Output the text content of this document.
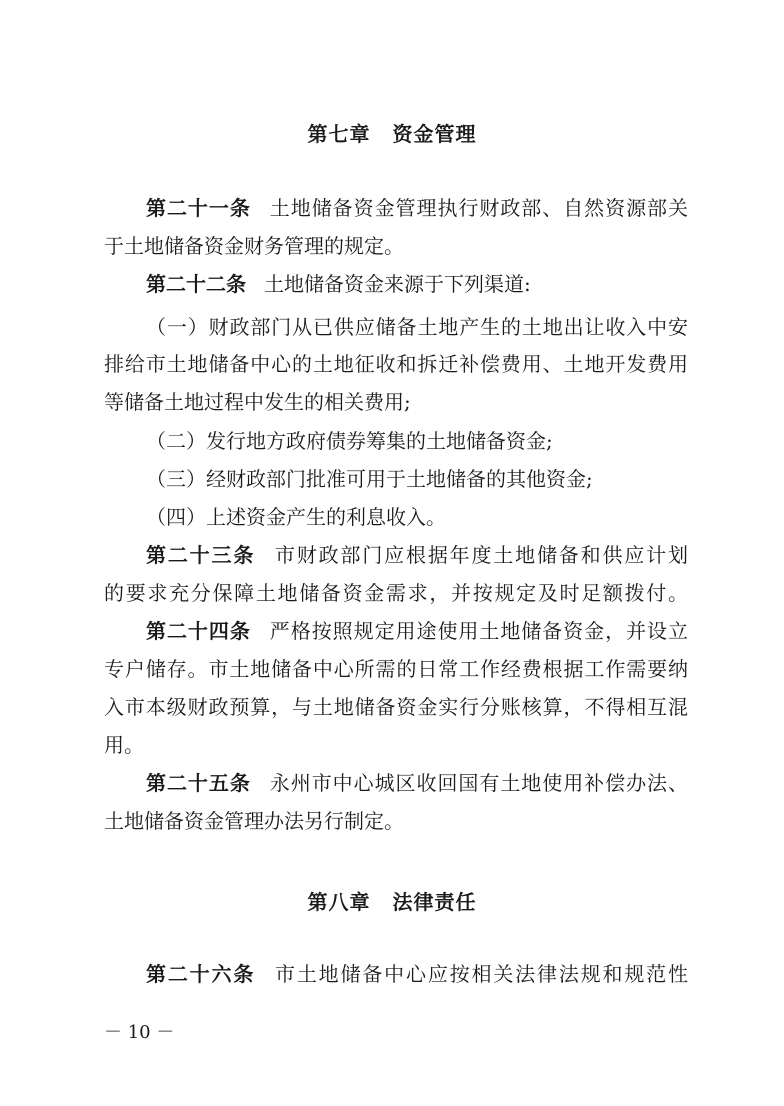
第七章 资金管理
第二十一条 土地储备资金管理执行财政部、自然资源部关
于土地储备资金财务管理的规定。
第二十二条 土地储备资金来源于下列渠道:
（一）财政部门从已供应储备土地产生的土地出让收入中安
排给市土地储备中心的土地征收和拆迁补偿费用、土地开发费用
等储备土地过程中发生的相关费用;
（二）发行地方政府债券筹集的土地储备资金;
（三）经财政部门批准可用于土地储备的其他资金;
（四）上述资金产生的利息收入。
第二十三条 市财政部门应根据年度土地储备和供应计划
的要求充分保障土地储备资金需求，并按规定及时足额拨付。
第二十四条 严格按照规定用途使用土地储备资金，并设立
专户储存。市土地储备中心所需的日常工作经费根据工作需要纳
入市本级财政预算，与土地储备资金实行分账核算，不得相互混
用。
第二十五条 永州市中心城区收回国有土地使用补偿办法、
土地储备资金管理办法另行制定。
第八章 法律责任
第二十六条 市土地储备中心应按相关法律法规和规范性
－ 10 －
